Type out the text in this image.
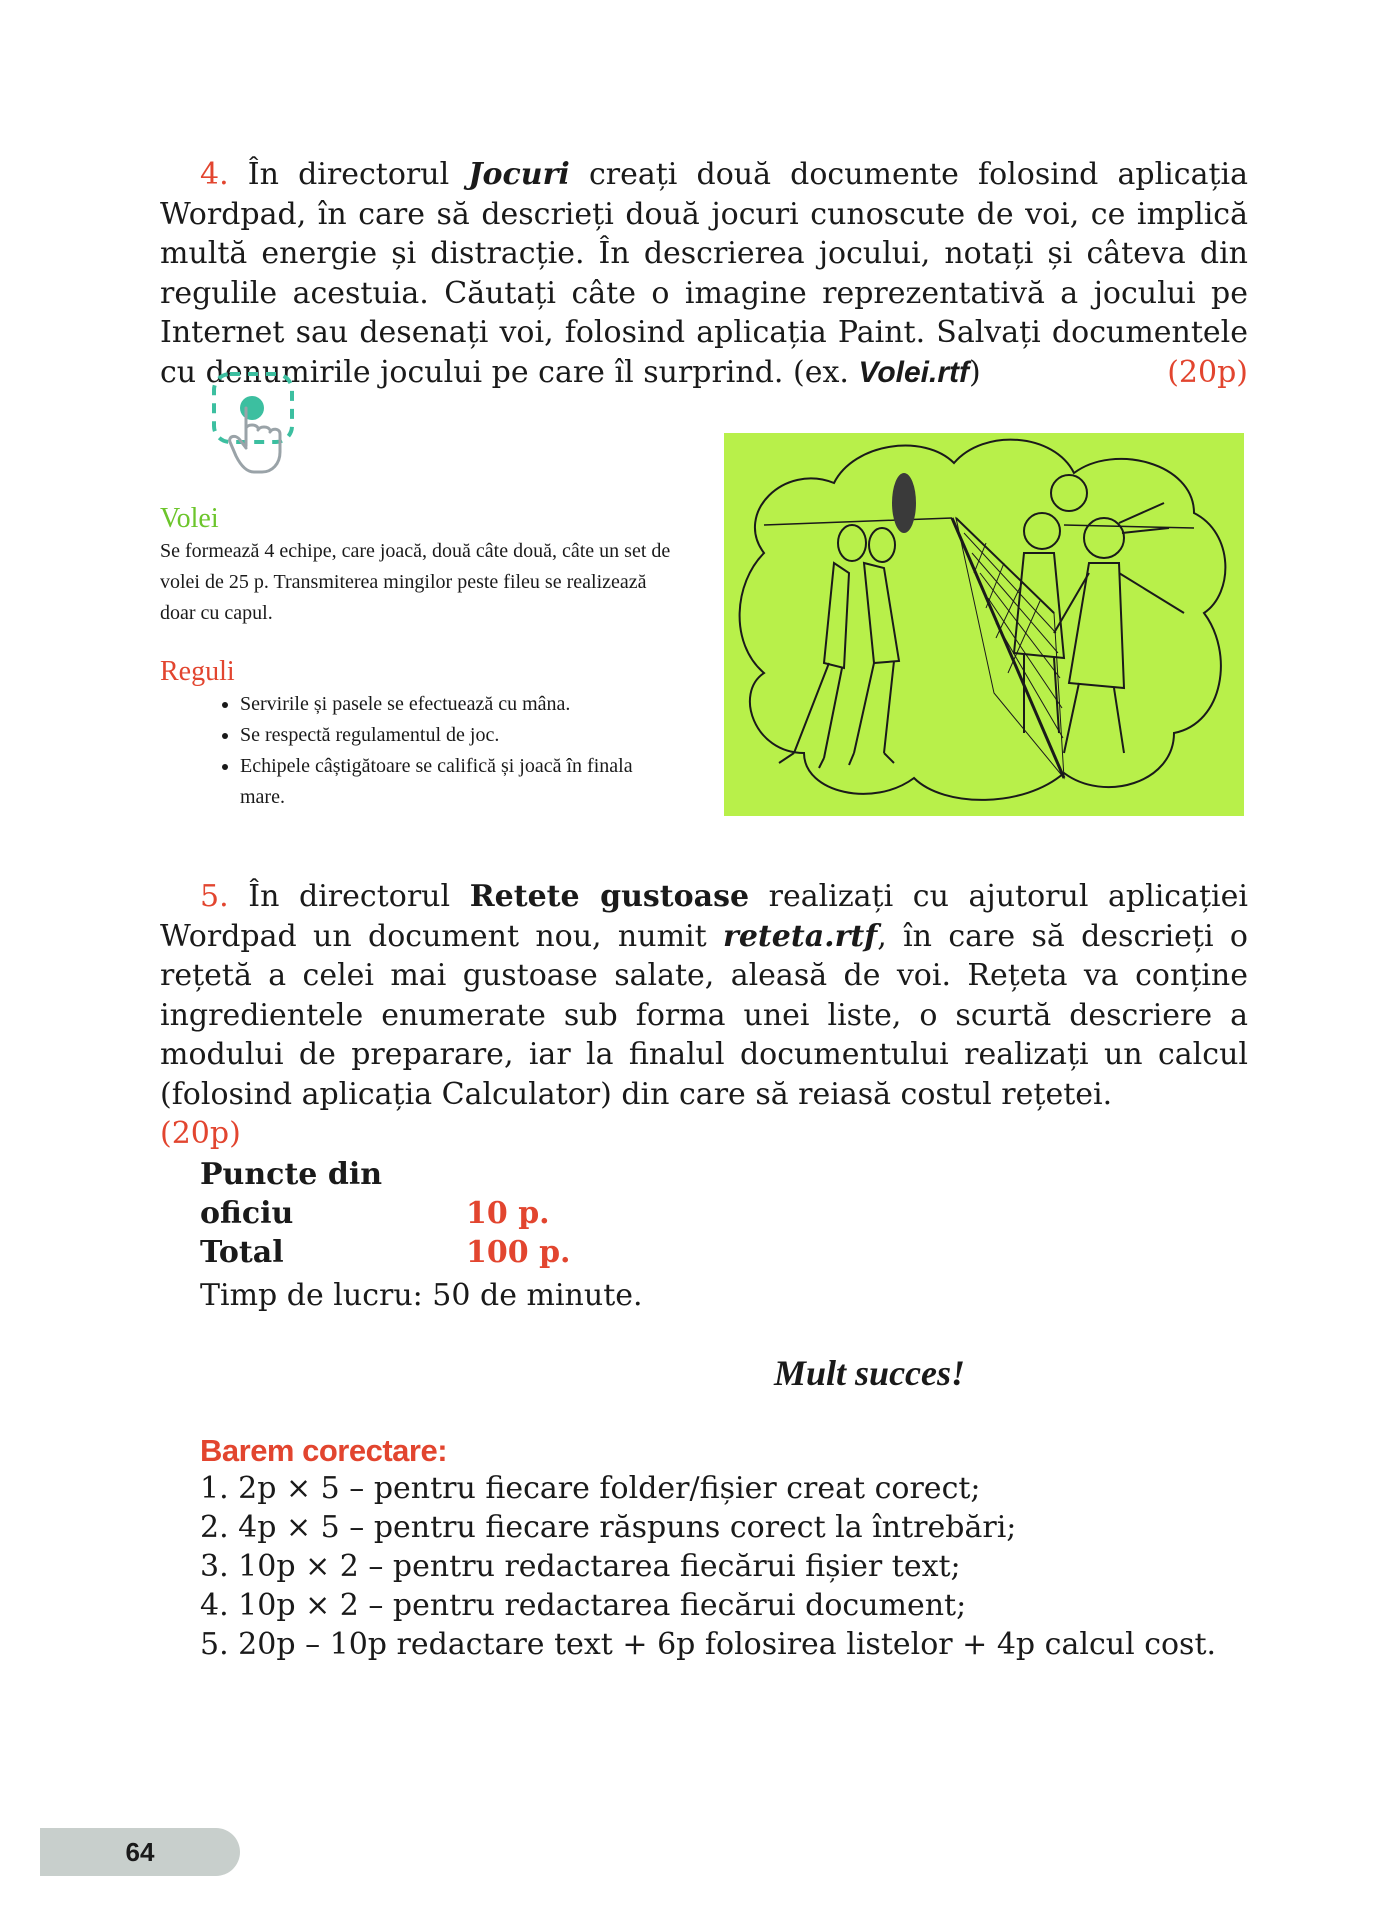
4. În directorul Jocuri creați două documente folosind aplicația Wordpad, în care să descrieți două jocuri cunoscute de voi, ce implică multă energie și distracție. În descrierea jocului, notați și câteva din regulile acestuia. Căutați câte o imagine reprezentativă a jocului pe Internet sau desenați voi, folosind aplicația Paint. Salvați documentele cu denumirile jocului pe care îl surprind. (ex. Volei.rtf)	(20p)

Volei
Se formează 4 echipe, care joacă, două câte două, câte un set de volei de 25 p. Transmiterea mingilor peste fileu se realizează doar cu capul.
Reguli
• Servirile și pasele se efectuează cu mâna.
• Se respectă regulamentul de joc.
• Echipele câștigătoare se califică și joacă în finala mare.

5. În directorul Retete gustoase realizați cu ajutorul aplicației Wordpad un document nou, numit reteta.rtf, în care să descrieți o rețetă a celei mai gustoase salate, aleasă de voi. Rețeta va conține ingredientele enumerate sub forma unei liste, o scurtă descriere a modului de preparare, iar la finalul documentului realizați un calcul (folosind aplicația Calculator) din care să reiasă costul rețetei.

(20p)

Puncte din oficiu	10 p.
Total	100 p.
Timp de lucru: 50 de minute.
Mult succes!
Barem corectare:
1. 2p × 5 – pentru fiecare folder/fișier creat corect;
2. 4p × 5 – pentru fiecare răspuns corect la întrebări;
3. 10p × 2 – pentru redactarea fiecărui fișier text;
4. 10p × 2 – pentru redactarea fiecărui document;
5. 20p – 10p redactare text + 6p folosirea listelor + 4p calcul cost.
64
